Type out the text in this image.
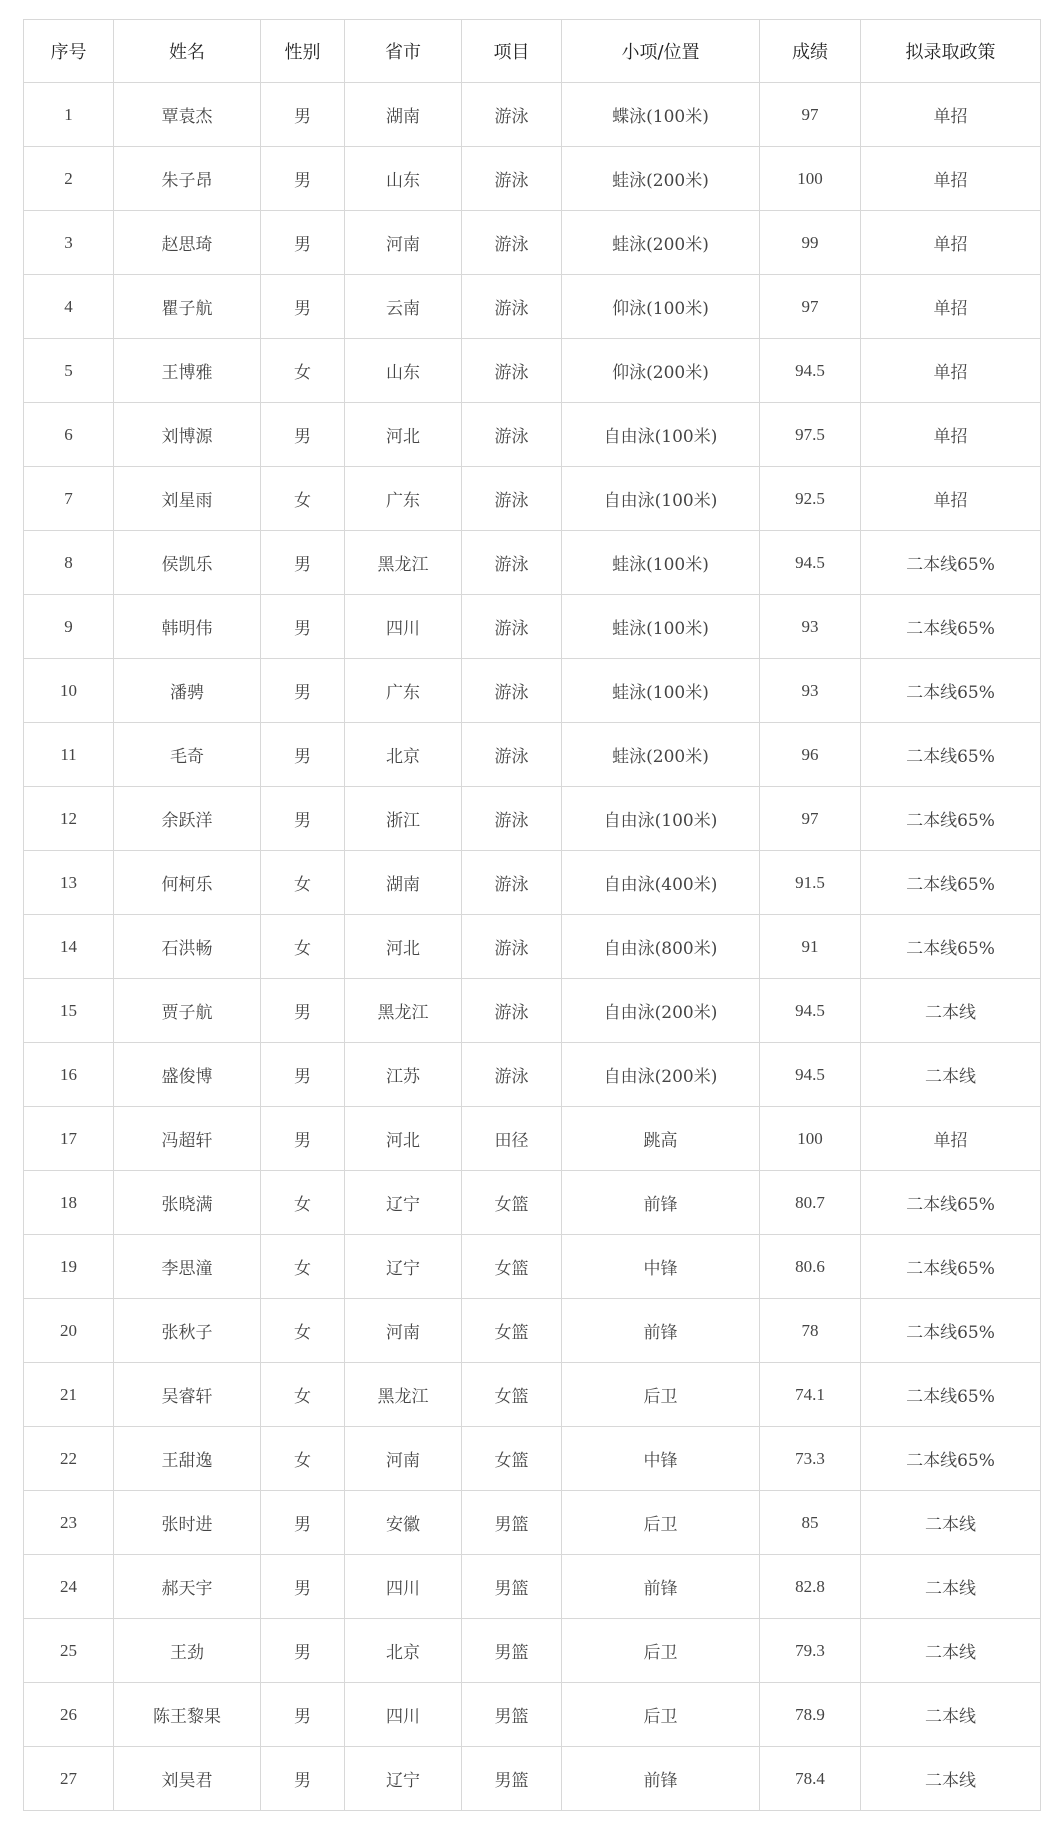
序号	姓名	性别	省市	项目	小项/位置	成绩	拟录取政策
1	覃袁杰	男	湖南	游泳	蝶泳(100米)	97	单招
2	朱子昂	男	山东	游泳	蛙泳(200米)	100	单招
3	赵思琦	男	河南	游泳	蛙泳(200米)	99	单招
4	瞿子航	男	云南	游泳	仰泳(100米)	97	单招
5	王博雅	女	山东	游泳	仰泳(200米)	94.5	单招
6	刘博源	男	河北	游泳	自由泳(100米)	97.5	单招
7	刘星雨	女	广东	游泳	自由泳(100米)	92.5	单招
8	侯凯乐	男	黑龙江	游泳	蛙泳(100米)	94.5	二本线65%
9	韩明伟	男	四川	游泳	蛙泳(100米)	93	二本线65%
10	潘骋	男	广东	游泳	蛙泳(100米)	93	二本线65%
11	毛奇	男	北京	游泳	蛙泳(200米)	96	二本线65%
12	余跃洋	男	浙江	游泳	自由泳(100米)	97	二本线65%
13	何柯乐	女	湖南	游泳	自由泳(400米)	91.5	二本线65%
14	石洪畅	女	河北	游泳	自由泳(800米)	91	二本线65%
15	贾子航	男	黑龙江	游泳	自由泳(200米)	94.5	二本线
16	盛俊博	男	江苏	游泳	自由泳(200米)	94.5	二本线
17	冯超轩	男	河北	田径	跳高	100	单招
18	张晓满	女	辽宁	女篮	前锋	80.7	二本线65%
19	李思潼	女	辽宁	女篮	中锋	80.6	二本线65%
20	张秋子	女	河南	女篮	前锋	78	二本线65%
21	吴睿轩	女	黑龙江	女篮	后卫	74.1	二本线65%
22	王甜逸	女	河南	女篮	中锋	73.3	二本线65%
23	张时进	男	安徽	男篮	后卫	85	二本线
24	郝天宇	男	四川	男篮	前锋	82.8	二本线
25	王劲	男	北京	男篮	后卫	79.3	二本线
26	陈王黎果	男	四川	男篮	后卫	78.9	二本线
27	刘昊君	男	辽宁	男篮	前锋	78.4	二本线
